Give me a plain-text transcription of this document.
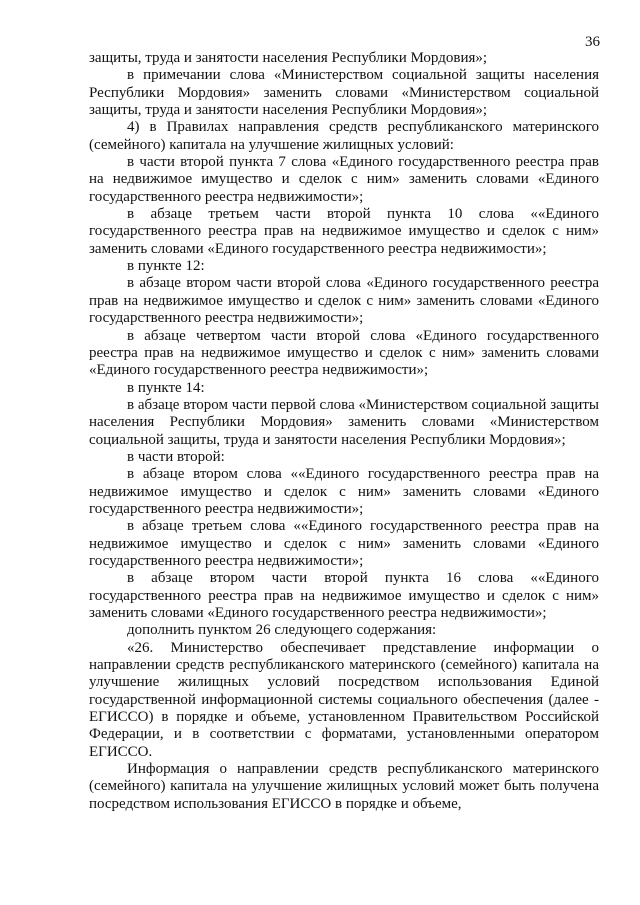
36

защиты, труда и занятости населения Республики Мордовия»;

в примечании слова «Министерством социальной защиты населения Республики Мордовия» заменить словами «Министерством социальной защиты, труда и занятости населения Республики Мордовия»;

4) в Правилах направления средств республиканского материнского (семейного) капитала на улучшение жилищных условий:

в части второй пункта 7 слова «Единого государственного реестра прав на недвижимое имущество и сделок с ним» заменить словами «Единого государственного реестра недвижимости»;

в абзаце третьем части второй пункта 10 слова ««Единого государственного реестра прав на недвижимое имущество и сделок с ним» заменить словами «Единого государственного реестра недвижимости»;

в пункте 12:

в абзаце втором части второй слова «Единого государственного реестра прав на недвижимое имущество и сделок с ним» заменить словами «Единого государственного реестра недвижимости»;

в абзаце четвертом части второй слова «Единого государственного реестра прав на недвижимое имущество и сделок с ним» заменить словами «Единого государственного реестра недвижимости»;

в пункте 14:

в абзаце втором части первой слова «Министерством социальной защиты населения Республики Мордовия» заменить словами «Министерством социальной защиты, труда и занятости населения Республики Мордовия»;

в части второй:

в абзаце втором слова ««Единого государственного реестра прав на недвижимое имущество и сделок с ним» заменить словами «Единого государственного реестра недвижимости»;

в абзаце третьем слова ««Единого государственного реестра прав на недвижимое имущество и сделок с ним» заменить словами «Единого государственного реестра недвижимости»;

в абзаце втором части второй пункта 16 слова ««Единого государственного реестра прав на недвижимое имущество и сделок с ним» заменить словами «Единого государственного реестра недвижимости»;

дополнить пунктом 26 следующего содержания:

«26. Министерство обеспечивает представление информации о направлении средств республиканского материнского (семейного) капитала на улучшение жилищных условий посредством использования Единой государственной информационной системы социального обеспечения (далее - ЕГИССО) в порядке и объеме, установленном Правительством Российской Федерации, и в соответствии с форматами, установленными оператором ЕГИССО.

Информация о направлении средств республиканского материнского (семейного) капитала на улучшение жилищных условий может быть получена посредством использования ЕГИССО в порядке и объеме,
